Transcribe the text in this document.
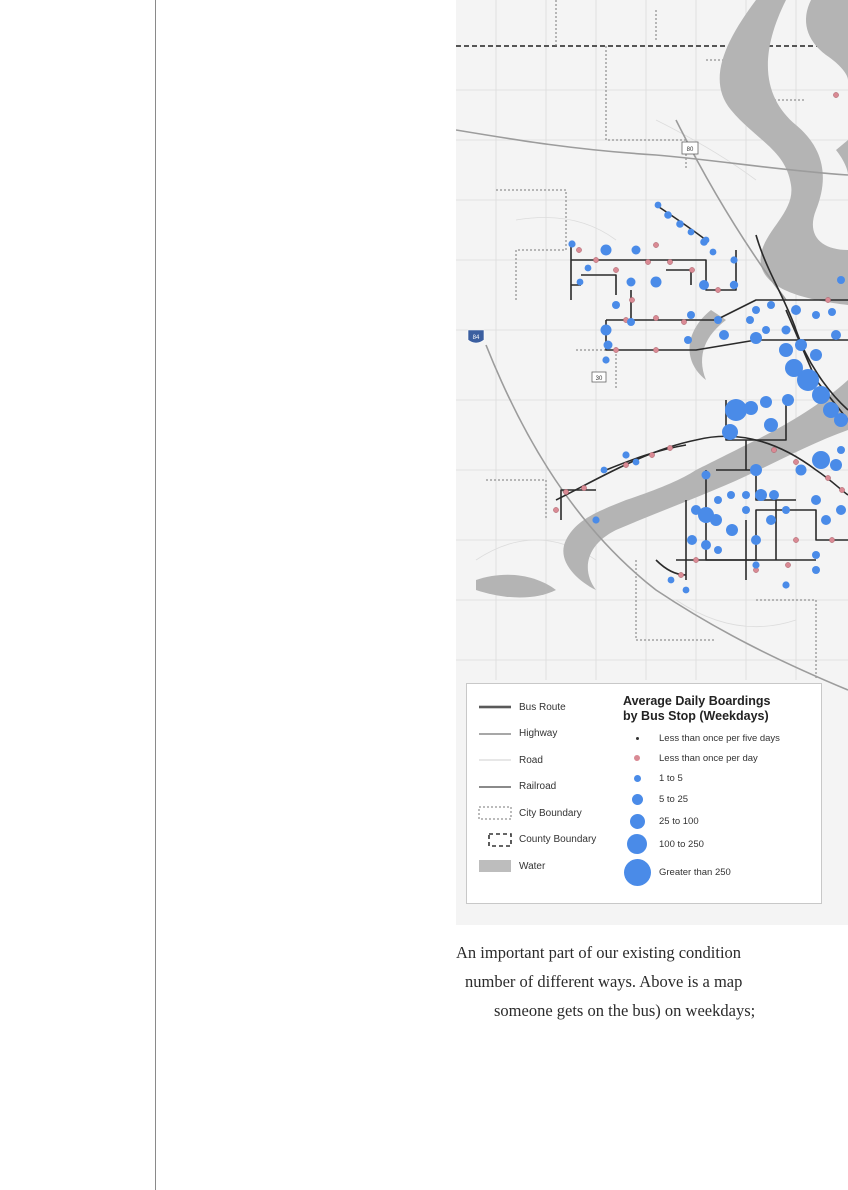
80
84
30
Bus Route
Highway
Road
Railroad
City Boundary
County Boundary
Water
Average Daily Boardings
by Bus Stop (Weekdays)
Less than once per five days
Less than once per day
1 to 5
5 to 25
25 to 100
100 to 250
Greater than 250
An important part of our existing condition
number of different ways. Above is a map
someone gets on the bus) on weekdays;
